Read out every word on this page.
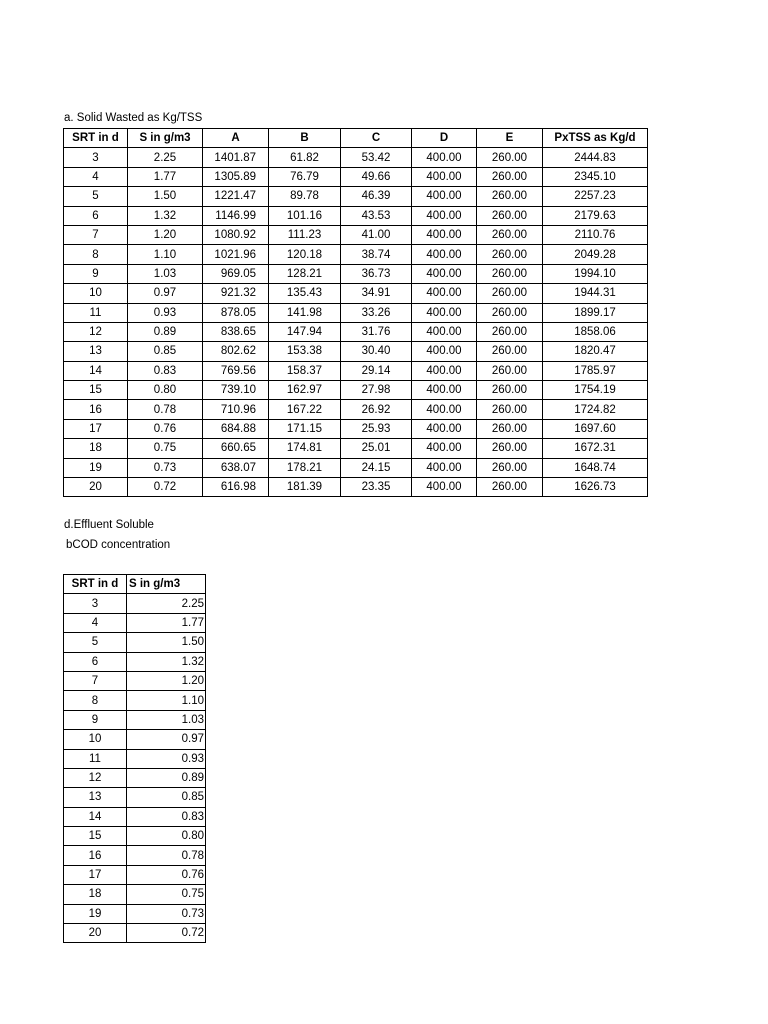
a. Solid Wasted as Kg/TSS
SRT in d	S in g/m3	A	B	C	D	E	PxTSS as Kg/d
3	2.25	1401.87	61.82	53.42	400.00	260.00	2444.83
4	1.77	1305.89	76.79	49.66	400.00	260.00	2345.10
5	1.50	1221.47	89.78	46.39	400.00	260.00	2257.23
6	1.32	1146.99	101.16	43.53	400.00	260.00	2179.63
7	1.20	1080.92	111.23	41.00	400.00	260.00	2110.76
8	1.10	1021.96	120.18	38.74	400.00	260.00	2049.28
9	1.03	969.05	128.21	36.73	400.00	260.00	1994.10
10	0.97	921.32	135.43	34.91	400.00	260.00	1944.31
11	0.93	878.05	141.98	33.26	400.00	260.00	1899.17
12	0.89	838.65	147.94	31.76	400.00	260.00	1858.06
13	0.85	802.62	153.38	30.40	400.00	260.00	1820.47
14	0.83	769.56	158.37	29.14	400.00	260.00	1785.97
15	0.80	739.10	162.97	27.98	400.00	260.00	1754.19
16	0.78	710.96	167.22	26.92	400.00	260.00	1724.82
17	0.76	684.88	171.15	25.93	400.00	260.00	1697.60
18	0.75	660.65	174.81	25.01	400.00	260.00	1672.31
19	0.73	638.07	178.21	24.15	400.00	260.00	1648.74
20	0.72	616.98	181.39	23.35	400.00	260.00	1626.73
d.Effluent Soluble
bCOD concentration
SRT in d	S in g/m3
3	2.25
4	1.77
5	1.50
6	1.32
7	1.20
8	1.10
9	1.03
10	0.97
11	0.93
12	0.89
13	0.85
14	0.83
15	0.80
16	0.78
17	0.76
18	0.75
19	0.73
20	0.72
